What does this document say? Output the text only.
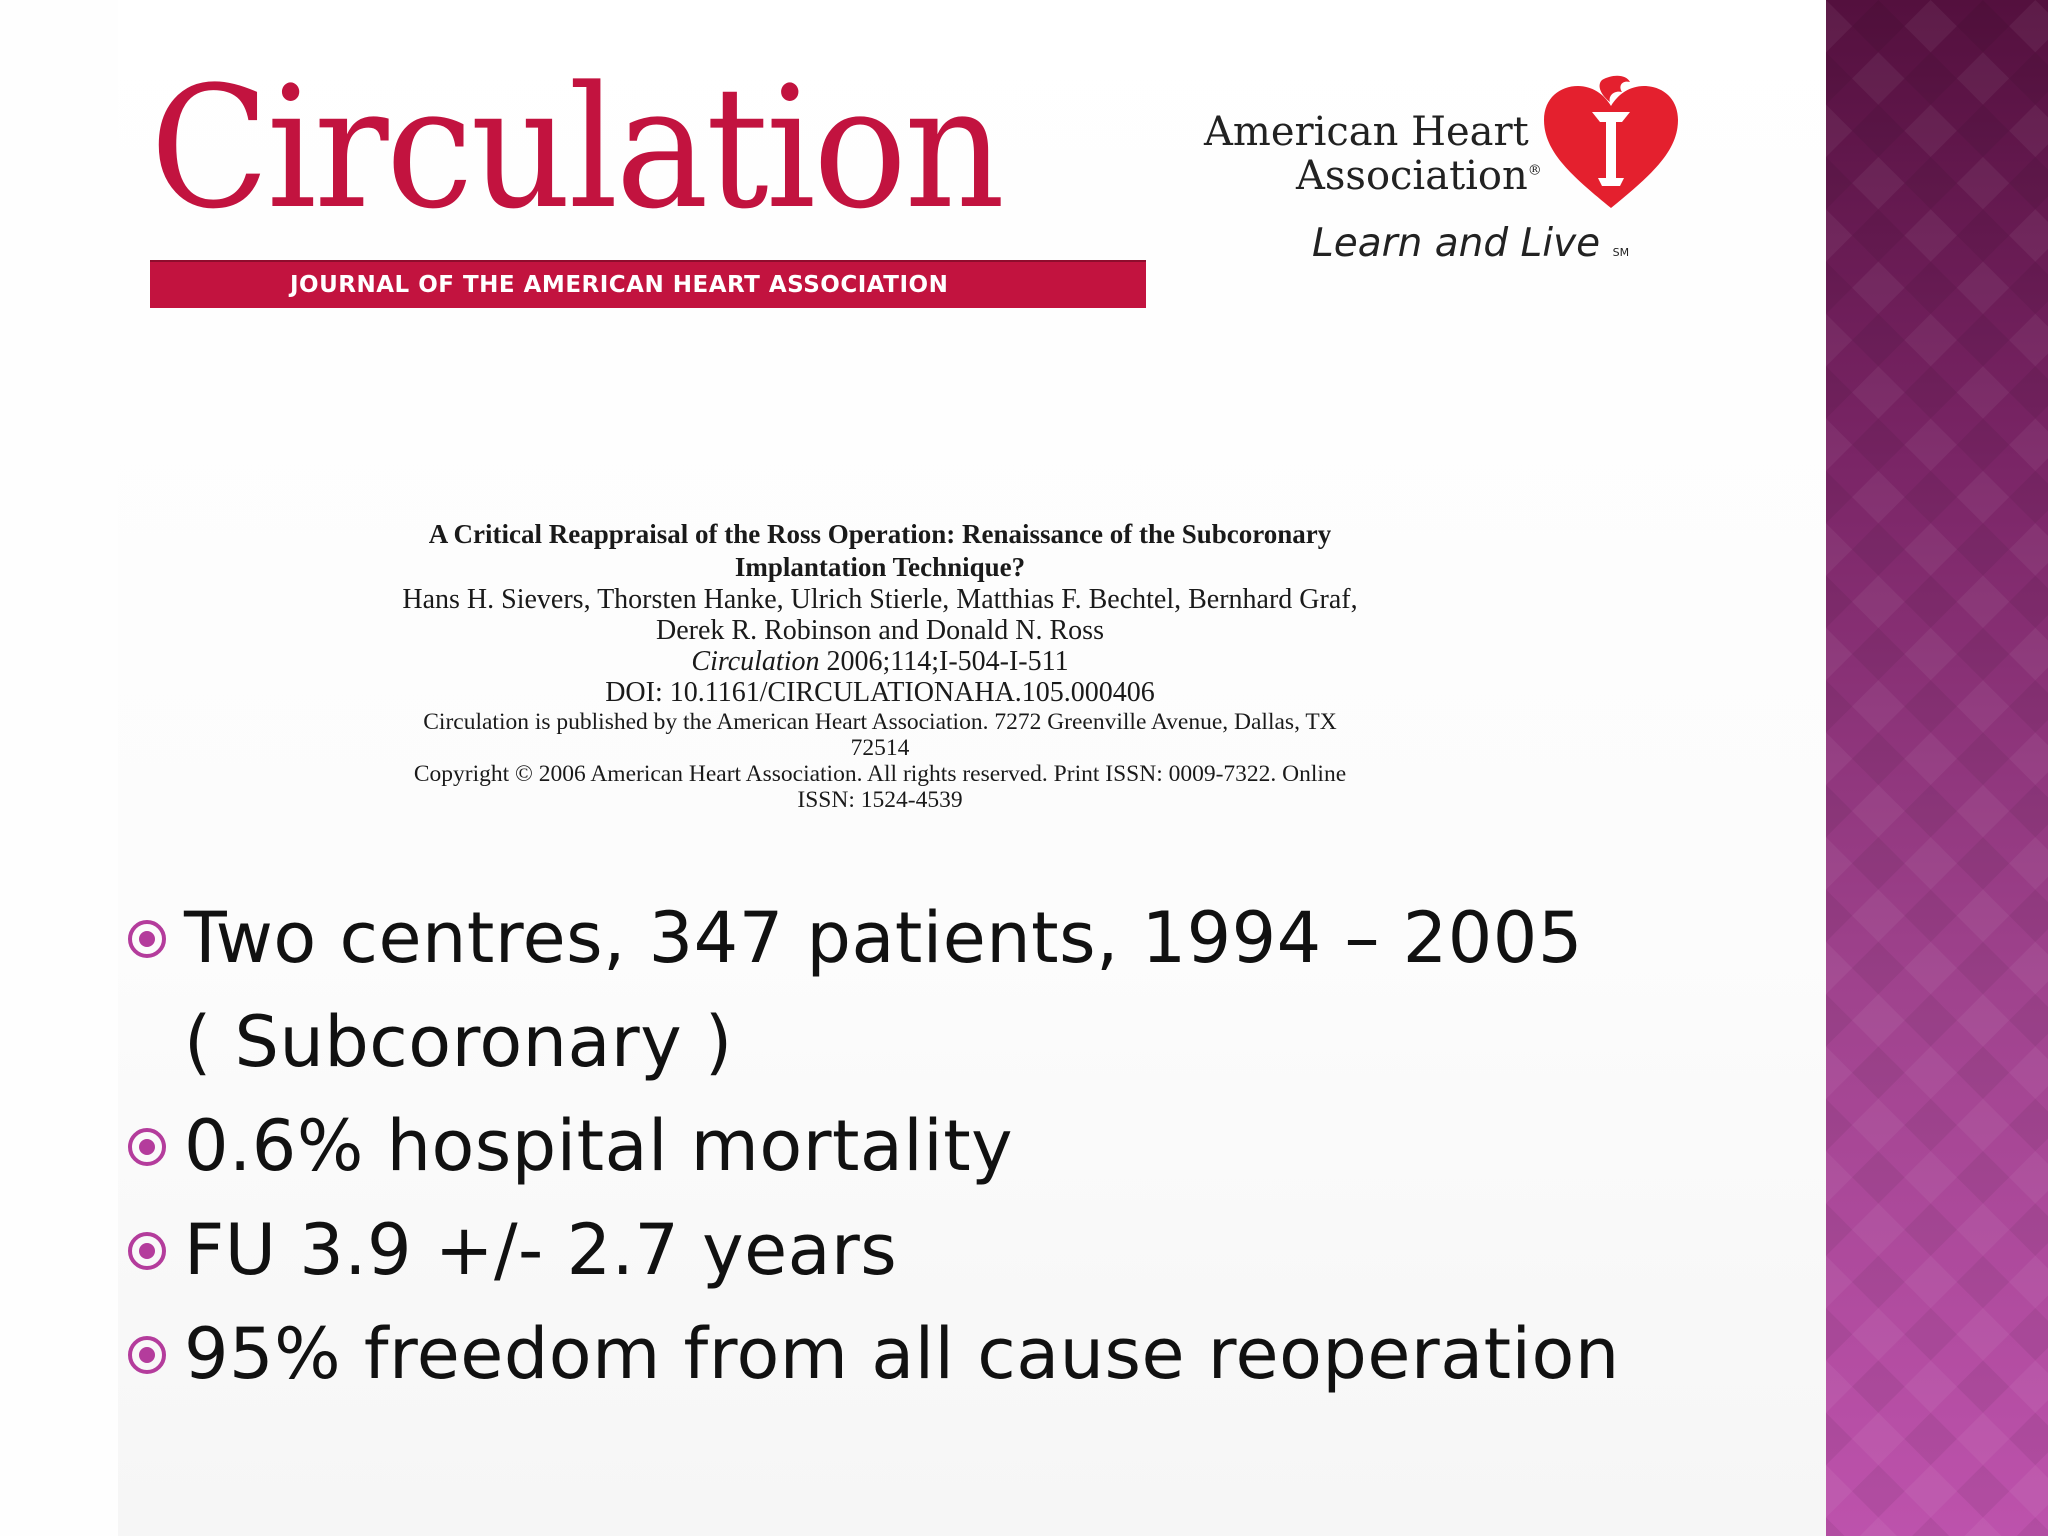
Circulation
JOURNAL OF THE AMERICAN HEART ASSOCIATION
American Heart
Association®
Learn and Live SM
A Critical Reappraisal of the Ross Operation: Renaissance of the Subcoronary
Implantation Technique?
Hans H. Sievers, Thorsten Hanke, Ulrich Stierle, Matthias F. Bechtel, Bernhard Graf,
Derek R. Robinson and Donald N. Ross
Circulation 2006;114;I-504-I-511
DOI: 10.1161/CIRCULATIONAHA.105.000406
Circulation is published by the American Heart Association. 7272 Greenville Avenue, Dallas, TX
72514
Copyright © 2006 American Heart Association. All rights reserved. Print ISSN: 0009-7322. Online
ISSN: 1524-4539
Two centres, 347 patients, 1994 – 2005
( Subcoronary )
0.6% hospital mortality
FU 3.9 +/- 2.7 years
95% freedom from all cause reoperation
